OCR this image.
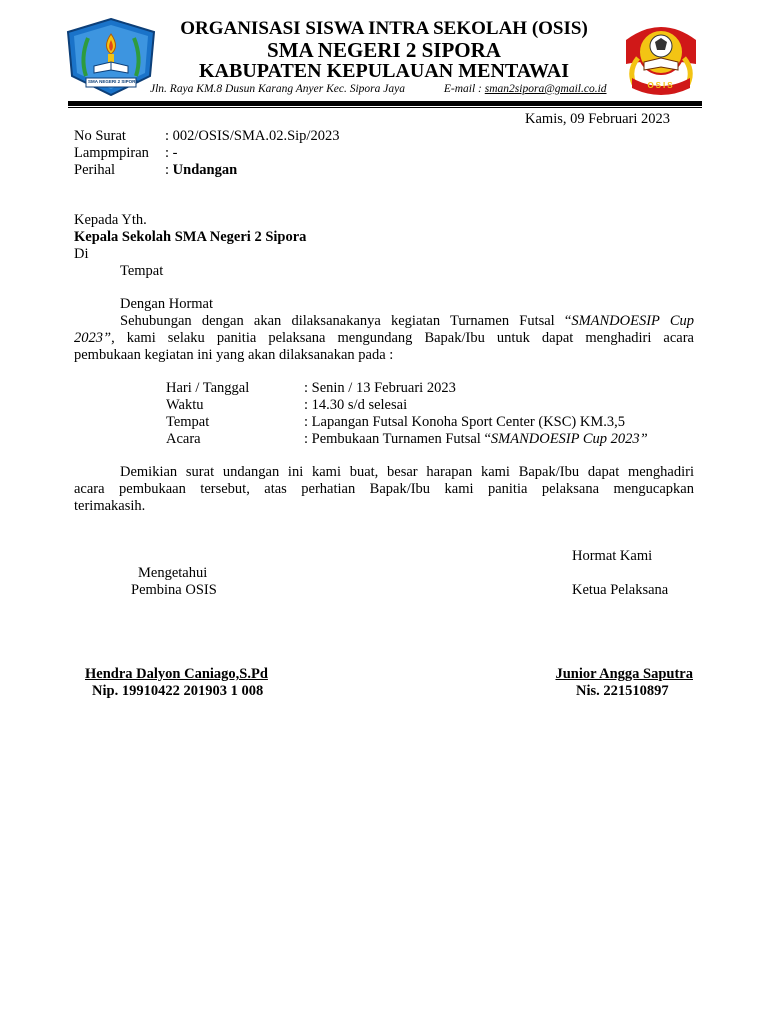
SMA NEGERI 2 SIPORA	OSIS
ORGANISASI SISWA INTRA SEKOLAH (OSIS)
SMA NEGERI 2 SIPORA
KABUPATEN KEPULAUAN MENTAWAI
Jln. Raya KM.8 Dusun Karang Anyer Kec. Sipora Jaya	E-mail : sman2sipora@gmail.co.id
Kamis, 09 Februari 2023
No Surat	: 002/OSIS/SMA.02.Sip/2023
Lampmpiran : -
Perihal	: Undangan
Kepada Yth.
Kepala Sekolah SMA Negeri 2 Sipora
Di
Tempat
Dengan Hormat
Sehubungan dengan akan dilaksanakanya kegiatan Turnamen Futsal “SMANDOESIP Cup
2023”, kami selaku panitia pelaksana mengundang Bapak/Ibu untuk dapat menghadiri acara
pembukaan kegiatan ini yang akan dilaksanakan pada :
Hari / Tanggal	: Senin / 13 Februari 2023
Waktu	: 14.30 s/d selesai
Tempat	: Lapangan Futsal Konoha Sport Center (KSC) KM.3,5
Acara	: Pembukaan Turnamen Futsal “SMANDOESIP Cup 2023”
Demikian surat undangan ini kami buat, besar harapan kami Bapak/Ibu dapat menghadiri
acara pembukaan tersebut, atas perhatian Bapak/Ibu kami panitia pelaksana mengucapkan
terimakasih.
Hormat Kami
Mengetahui
Pembina OSIS	Ketua Pelaksana
Hendra Dalyon Caniago,S.Pd
Nip. 19910422 201903 1 008
Junior Angga Saputra
Nis. 221510897
